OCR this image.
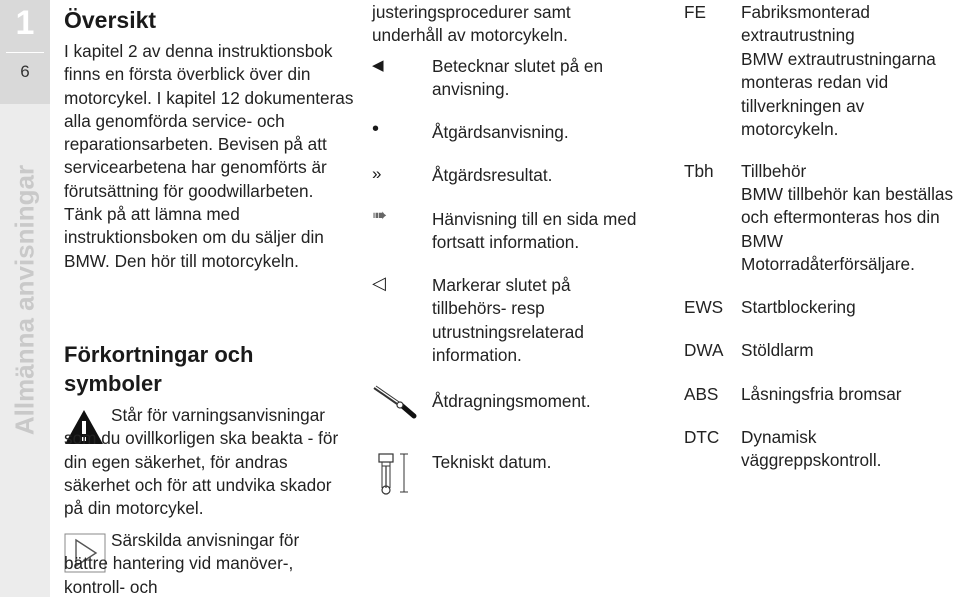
1
6
Allmänna anvisningar
Översikt
I kapitel 2 av denna instruktionsbok finns en första överblick över din motorcykel. I kapitel 12 dokumenteras alla genomförda service- och reparationsarbeten. Bevisen på att servicearbetena har genomförts är förutsättning för goodwillarbeten. Tänk på att lämna med instruktionsboken om du säljer din BMW. Den hör till motorcykeln.
Förkortningar och
symboler
Står för varningsanvisningar som du ovillkorligen ska beakta - för din egen säkerhet, för andras säkerhet och för att undvika skador på din motorcykel.
Särskilda anvisningar för bättre hantering vid manöver-, kontroll- och
justeringsprocedurer samt underhåll av motorcykeln.
◀	Betecknar slutet på en anvisning.
•	Åtgärdsanvisning.
»	Åtgärdsresultat.
➠	Hänvisning till en sida med fortsatt information.
◁	Markerar slutet på tillbehörs- resp utrustningsrelaterad information.
Åtdragningsmoment.
Tekniskt datum.
FE Fabriksmonterad extrautrustning
BMW extrautrustningarna monteras redan vid tillverkningen av motorcykeln.
Tbh Tillbehör
BMW tillbehör kan beställas och eftermonteras hos din BMW Motorradåterförsäljare.
EWS Startblockering
DWA Stöldlarm
ABS Låsningsfria bromsar
DTC Dynamisk väggreppskontroll.
